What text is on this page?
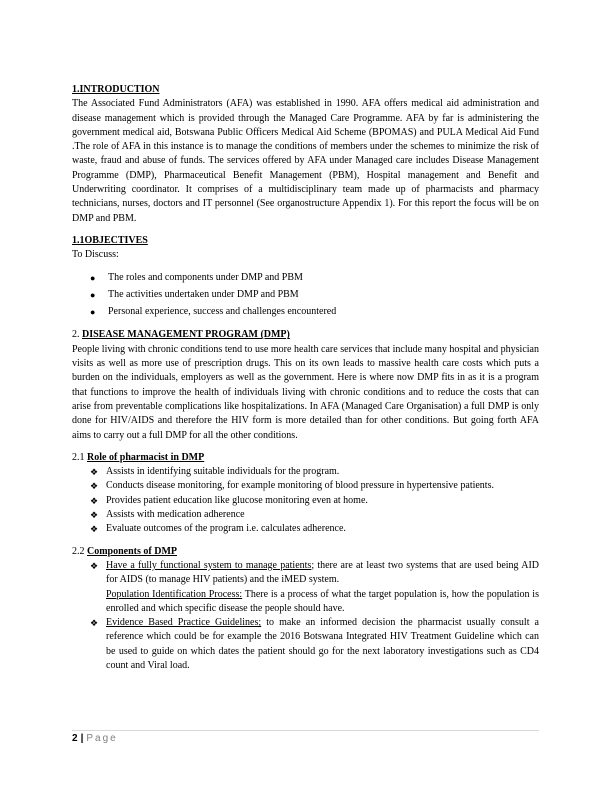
1.INTRODUCTION

The Associated Fund Administrators (AFA) was established in 1990. AFA offers medical aid administration and disease management which is provided through the Managed Care Programme. AFA by far is administering the government medical aid, Botswana Public Officers Medical Aid Scheme (BPOMAS) and PULA Medical Aid Fund .The role of AFA in this instance is to manage the conditions of members under the schemes to minimize the risk of waste, fraud and abuse of funds. The services offered by AFA under Managed care includes Disease Management Programme (DMP), Pharmaceutical Benefit Management (PBM), Hospital management and Benefit and Underwriting coordinator. It comprises of a multidisciplinary team made up of pharmacists and pharmacy technicians, nurses, doctors and IT personnel (See organostructure Appendix 1). For this report the focus will be on DMP and PBM.

1.1OBJECTIVES

To Discuss:

● The roles and components under DMP and PBM
● The activities undertaken under DMP and PBM
● Personal experience, success and challenges encountered
2. DISEASE MANAGEMENT PROGRAM (DMP)

People living with chronic conditions tend to use more health care services that include many hospital and physician visits as well as more use of prescription drugs. This on its own leads to massive health care costs which puts a burden on the individuals, employers as well as the government. Here is where now DMP fits in as it is a program that functions to improve the health of individuals living with chronic conditions and to reduce the costs that can arise from preventable complications like hospitalizations. In AFA (Managed Care Organisation) a full DMP is only done for HIV/AIDS and therefore the HIV form is more detailed than for other conditions. But going forth AFA aims to carry out a full DMP for all the other conditions.

2.1 Role of pharmacist in DMP
❖ Assists in identifying suitable individuals for the program.
❖ Conducts disease monitoring, for example monitoring of blood pressure in hypertensive patients.
❖ Provides patient education like glucose monitoring even at home.
❖ Assists with medication adherence
❖ Evaluate outcomes of the program i.e. calculates adherence.
2.2 Components of DMP
❖ Have a fully functional system to manage patients; there are at least two systems that are used being AID for AIDS (to manage HIV patients) and the iMED system.
Population Identification Process: There is a process of what the target population is, how the population is enrolled and which specific disease the people should have.
❖ Evidence Based Practice Guidelines; to make an informed decision the pharmacist usually consult a reference which could be for example the 2016 Botswana Integrated HIV Treatment Guideline which can be used to guide on which dates the patient should go for the next laboratory investigations such as CD4 count and Viral load.
2 | Page
